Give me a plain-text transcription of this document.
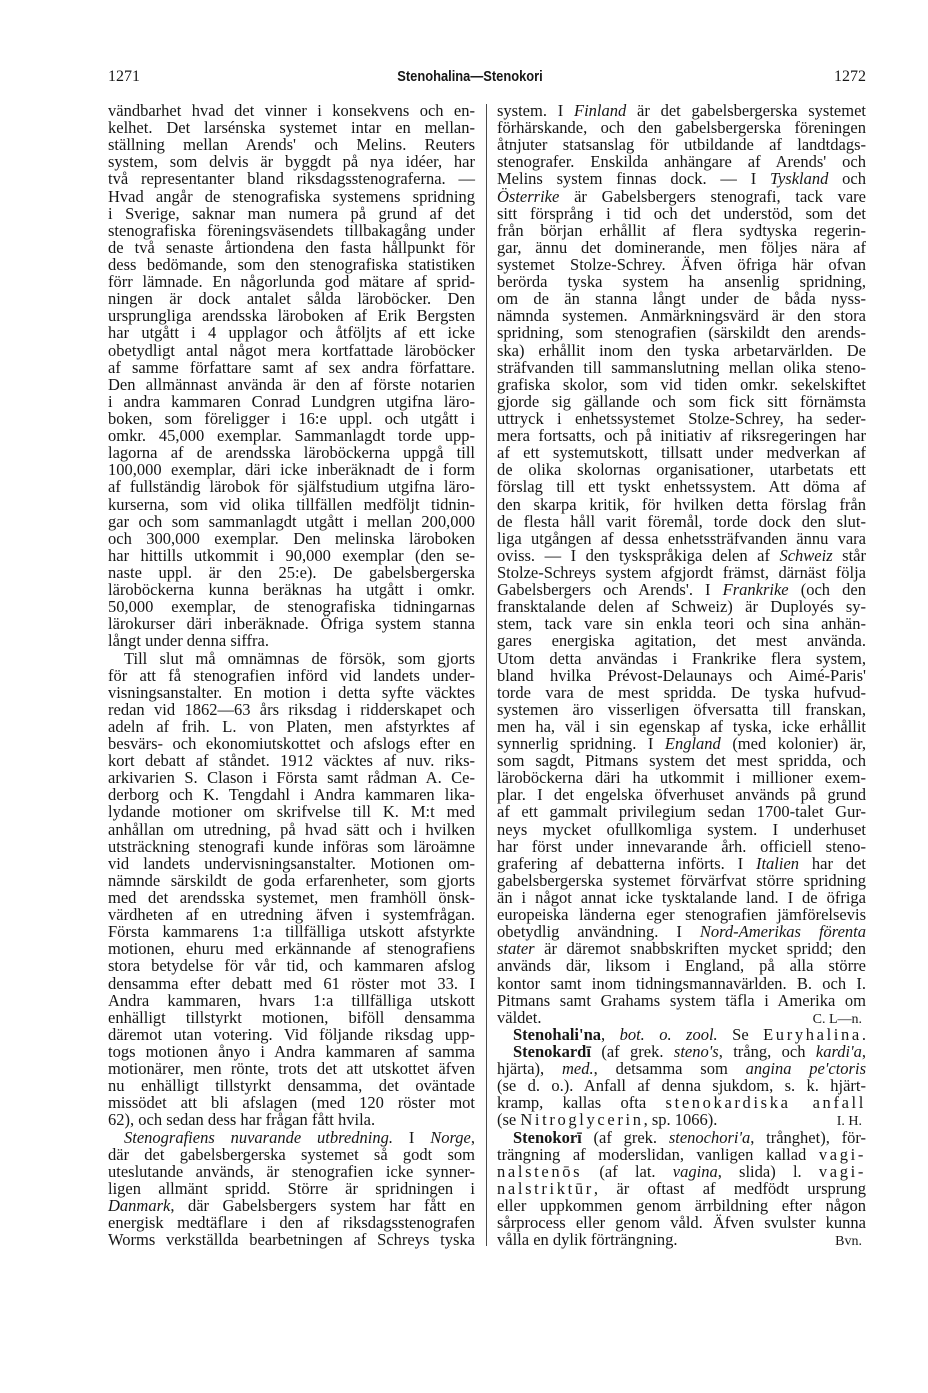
1271	Stenohalina—Stenokori	1272
vändbarhet hvad det vinner i konsekvens och en-
kelhet. Det larsénska systemet intar en mellan-
ställning mellan Arends' och Melins. Reuters
system, som delvis är byggdt på nya idéer, har
två representanter bland riksdagsstenograferna. —
Hvad angår de stenografiska systemens spridning
i Sverige, saknar man numera på grund af det
stenografiska föreningsväsendets tillbakagång under
de två senaste årtiondena den fasta hållpunkt för
dess bedömande, som den stenografiska statistiken
förr lämnade. En någorlunda god mätare af sprid-
ningen är dock antalet sålda läroböcker. Den
ursprungliga arendsska läroboken af Erik Bergsten
har utgått i 4 upplagor och åtföljts af ett icke
obetydligt antal något mera kortfattade läroböcker
af samme författare samt af sex andra författare.
Den allmännast använda är den af förste notarien
i andra kammaren Conrad Lundgren utgifna läro-
boken, som föreligger i 16:e uppl. och utgått i
omkr. 45,000 exemplar. Sammanlagdt torde upp-
lagorna af de arendsska läroböckerna uppgå till
100,000 exemplar, däri icke inberäknadt de i form
af fullständig lärobok för själfstudium utgifna läro-
kurserna, som vid olika tillfällen medföljt tidnin-
gar och som sammanlagdt utgått i mellan 200,000
och 300,000 exemplar. Den melinska läroboken
har hittills utkommit i 90,000 exemplar (den se-
naste uppl. är den 25:e). De gabelsbergerska
läroböckerna kunna beräknas ha utgått i omkr.
50,000 exemplar, de stenografiska tidningarnas
lärokurser däri inberäknade. Öfriga system stanna
långt under denna siffra.
Till slut må omnämnas de försök, som gjorts
för att få stenografien införd vid landets under-
visningsanstalter. En motion i detta syfte väcktes
redan vid 1862—63 års riksdag i ridderskapet och
adeln af frih. L. von Platen, men afstyrktes af
besvärs- och ekonomiutskottet och afslogs efter en
kort debatt af ståndet. 1912 väcktes af nuv. riks-
arkivarien S. Clason i Första samt rådman A. Ce-
derborg och K. Tengdahl i Andra kammaren lika-
lydande motioner om skrifvelse till K. M:t med
anhållan om utredning, på hvad sätt och i hvilken
utsträckning stenografi kunde införas som läroämne
vid landets undervisningsanstalter. Motionen om-
nämnde särskildt de goda erfarenheter, som gjorts
med det arendsska systemet, men framhöll önsk-
värdheten af en utredning äfven i systemfrågan.
Första kammarens 1:a tillfälliga utskott afstyrkte
motionen, ehuru med erkännande af stenografiens
stora betydelse för vår tid, och kammaren afslog
densamma efter debatt med 61 röster mot 33. I
Andra kammaren, hvars 1:a tillfälliga utskott
enhälligt tillstyrkt motionen, biföll densamma
däremot utan votering. Vid följande riksdag upp-
togs motionen ånyo i Andra kammaren af samma
motionärer, men rönte, trots det att utskottet äfven
nu enhälligt tillstyrkt densamma, det oväntade
missödet att bli afslagen (med 120 röster mot
62), och sedan dess har frågan fått hvila.
Stenografiens nuvarande utbredning. I Norge,
där det gabelsbergerska systemet så godt som
uteslutande används, är stenografien icke synner-
ligen allmänt spridd. Större är spridningen i
Danmark, där Gabelsbergers system har fått en
energisk medtäflare i den af riksdagsstenografen
Worms verkställda bearbetningen af Schreys tyska
system. I Finland är det gabelsbergerska systemet
förhärskande, och den gabelsbergerska föreningen
åtnjuter statsanslag för utbildande af landtdags-
stenografer. Enskilda anhängare af Arends' och
Melins system finnas dock. — I Tyskland och
Österrike är Gabelsbergers stenografi, tack vare
sitt försprång i tid och det understöd, som det
från början erhållit af flera sydtyska regerin-
gar, ännu det dominerande, men följes nära af
systemet Stolze-Schrey. Äfven öfriga här ofvan
berörda tyska system ha ansenlig spridning,
om de än stanna långt under de båda nyss-
nämnda systemen. Anmärkningsvärd är den stora
spridning, som stenografien (särskildt den arends-
ska) erhållit inom den tyska arbetarvärlden. De
sträfvanden till sammanslutning mellan olika steno-
grafiska skolor, som vid tiden omkr. sekelskiftet
gjorde sig gällande och som fick sitt förnämsta
uttryck i enhetssystemet Stolze-Schrey, ha seder-
mera fortsatts, och på initiativ af riksregeringen har
af ett systemutskott, tillsatt under medverkan af
de olika skolornas organisationer, utarbetats ett
förslag till ett tyskt enhetssystem. Att döma af
den skarpa kritik, för hvilken detta förslag från
de flesta håll varit föremål, torde dock den slut-
liga utgången af dessa enhetssträfvanden ännu vara
oviss. — I den tyskspråkiga delen af Schweiz står
Stolze-Schreys system afgjordt främst, därnäst följa
Gabelsbergers och Arends'. I Frankrike (och den
fransktalande delen af Schweiz) är Duployés sy-
stem, tack vare sin enkla teori och sina anhän-
gares energiska agitation, det mest använda.
Utom detta användas i Frankrike flera system,
bland hvilka Prévost-Delaunays och Aimé-Paris'
torde vara de mest spridda. De tyska hufvud-
systemen äro visserligen öfversatta till franskan,
men ha, väl i sin egenskap af tyska, icke erhållit
synnerlig spridning. I England (med kolonier) är,
som sagdt, Pitmans system det mest spridda, och
läroböckerna däri ha utkommit i millioner exem-
plar. I det engelska öfverhuset används på grund
af ett gammalt privilegium sedan 1700-talet Gur-
neys mycket ofullkomliga system. I underhuset
har först under innevarande årh. officiell steno-
grafering af debatterna införts. I Italien har det
gabelsbergerska systemet förvärfvat större spridning
än i något annat icke tysktalande land. I de öfriga
europeiska länderna eger stenografien jämförelsevis
obetydlig användning. I Nord-Amerikas förenta
stater är däremot snabbskriften mycket spridd; den
används där, liksom i England, på alla större
kontor samt inom tidningsmannavärlden. B. och I.
Pitmans samt Grahams system täfla i Amerika om
väldet.	C. L—n.
Stenohali'na, bot. o. zool. Se Euryhalina.
Stenokardī (af grek. steno's, trång, och kardi'a,
hjärta), med., detsamma som angina pe'ctoris
(se d. o.). Anfall af denna sjukdom, s. k. hjärt-
kramp, kallas ofta stenokardiska anfall
(se Nitroglycerin, sp. 1066).	I. H.
Stenokorī (af grek. stenochori'a, trånghet), för-
trängning af moderslidan, vanligen kallad vagi-
nalstenōs (af lat. vagina, slida) l. vagi-
nalstriktūr, är oftast af medfödt ursprung
eller uppkommen genom ärrbildning efter någon
sårprocess eller genom våld. Äfven svulster kunna
vålla en dylik förträngning.	Bvn.
